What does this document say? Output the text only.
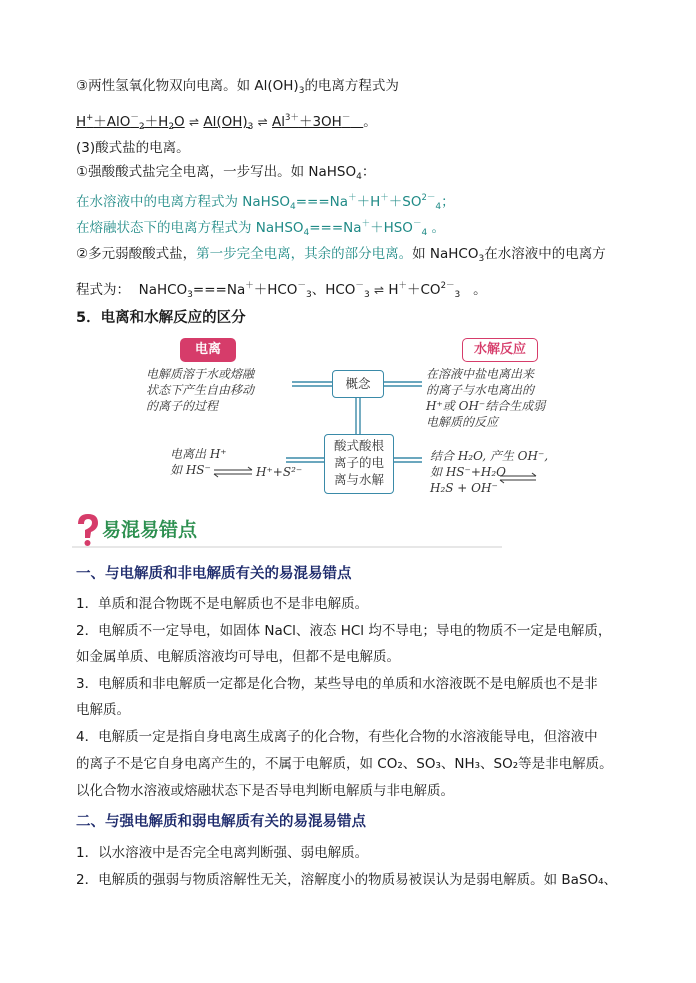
③两性氢氧化物双向电离。如 $Al(OH)_3$的电离方程式为
$H^++AlO^-_2+H_2O$ ⇌ $Al(OH)_3$ ⇌ $Al^{3+}+3OH^-$ 。
(3)酸式盐的电离。
①强酸酸式盐完全电离，一步写出。如 NaHSO$_4$：
在水溶液中的电离方程式为 $NaHSO_4===Na^++H^++SO^{2-}_4$；
在熔融状态下的电离方程式为 $NaHSO_4===Na^++HSO^-_4$ 。
②多元弱酸酸式盐，第一步完全电离，其余的部分电离。如 NaHCO$_3$在水溶液中的电离方
程式为： $NaHCO_3===Na^++HCO^-_3$、$HCO^-_3$ ⇌ $H^++CO^{2-}_3$ 。
5．电离和水解反应的区分
电离	水解反应
电解质溶于水或熔融
状态下产生自由移动
的离子的过程
在溶液中盐电离出来
的离子与水电离出的
H⁺或 OH⁻结合生成弱
电解质的反应
概念
酸式酸根
离子的电
离与水解
电离出 H⁺
如 HS⁻	H⁺+S²⁻
结合 H₂O, 产生 OH⁻,
如 HS⁻+H₂O
H₂S + OH⁻
易混易错点
一、与电解质和非电解质有关的易混易错点
1．单质和混合物既不是电解质也不是非电解质。
2．电解质不一定导电，如固体 NaCl、液态 HCl 均不导电；导电的物质不一定是电解质，
如金属单质、电解质溶液均可导电，但都不是电解质。
3．电解质和非电解质一定都是化合物，某些导电的单质和水溶液既不是电解质也不是非
电解质。
4．电解质一定是指自身电离生成离子的化合物，有些化合物的水溶液能导电，但溶液中
的离子不是它自身电离产生的，不属于电解质，如 CO₂、SO₃、NH₃、SO₂等是非电解质。
以化合物水溶液或熔融状态下是否导电判断电解质与非电解质。
二、与强电解质和弱电解质有关的易混易错点
1．以水溶液中是否完全电离判断强、弱电解质。
2．电解质的强弱与物质溶解性无关，溶解度小的物质易被误认为是弱电解质。如 BaSO₄、
